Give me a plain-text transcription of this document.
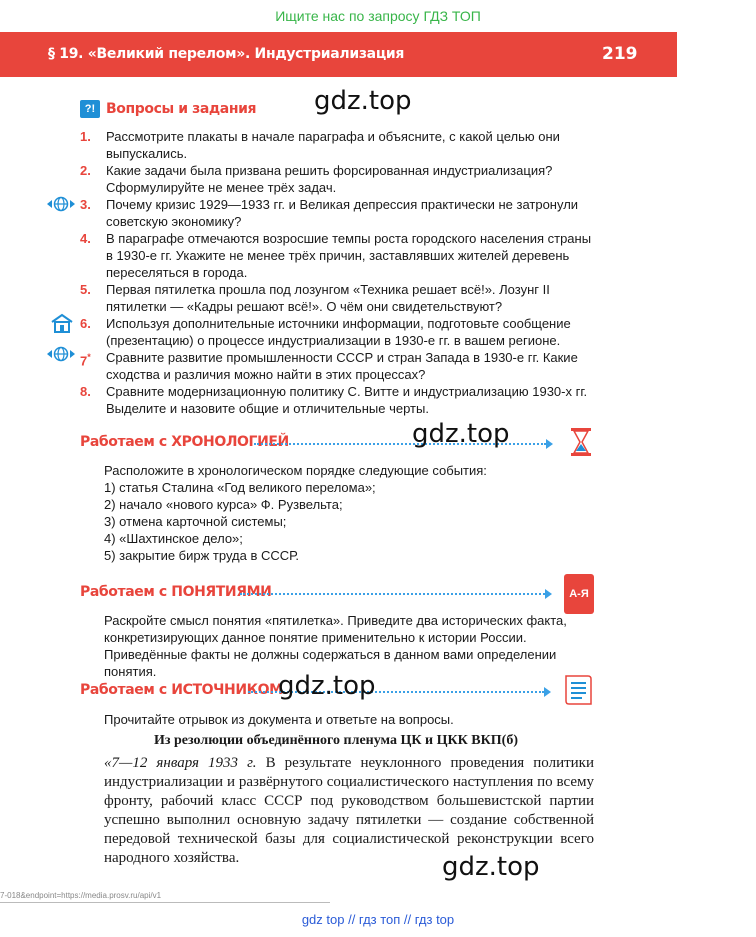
Ищите нас по запросу ГДЗ ТОП
§ 19. «Великий перелом». Индустриализация	219
?! Вопросы и задания gdz.top
1. Рассмотрите плакаты в начале параграфа и объясните, с какой целью они выпускались.
2. Какие задачи была призвана решить форсированная индустриализация? Сформулируйте не менее трёх задач.
3. Почему кризис 1929—1933 гг. и Великая депрессия практически не затронули советскую экономику?
4. В параграфе отмечаются возросшие темпы роста городского населения страны в 1930-е гг. Укажите не менее трёх причин, заставлявших жителей деревень переселяться в города.
5. Первая пятилетка прошла под лозунгом «Техника решает всё!». Лозунг II пятилетки — «Кадры решают всё!». О чём они свидетельствуют?
6. Используя дополнительные источники информации, подготовьте сообщение (презентацию) о процессе индустриализации в 1930-е гг. в вашем регионе.
7* Сравните развитие промышленности СССР и стран Запада в 1930-е гг. Какие сходства и различия можно найти в этих процессах?
8. Сравните модернизационную политику С. Витте и индустриализацию 1930-х гг. Выделите и назовите общие и отличительные черты.
Работаем с ХРОНОЛОГИЕЙ	gdz.top
Расположите в хронологическом порядке следующие события:
1) статья Сталина «Год великого перелома»;
2) начало «нового курса» Ф. Рузвельта;
3) отмена карточной системы;
4) «Шахтинское дело»;
5) закрытие бирж труда в СССР.
Работаем с ПОНЯТИЯМИ	А-Я
Раскройте смысл понятия «пятилетка». Приведите два исторических факта, конкретизирующих данное понятие применительно к истории России. Приведённые факты не должны содержаться в данном вами определении понятия.
Работаем с ИСТОЧНИКОМ
gdz.top
Прочитайте отрывок из документа и ответьте на вопросы.
Из резолюции объединённого пленума ЦК и ЦКК ВКП(б)
«7—12 января 1933 г. В результате неуклонного проведения политики индустриализации и развёрнутого социалистического наступления по всему фронту, рабочий класс СССР под руководством большевистской партии успешно выполнил основную задачу пятилетки — создание собственной передовой технической базы для социалистической реконструкции всего народного хозяйства.	gdz.top
7-018&endpoint=https://media.prosv.ru/api/v1
gdz top // гдз топ // гдз top
